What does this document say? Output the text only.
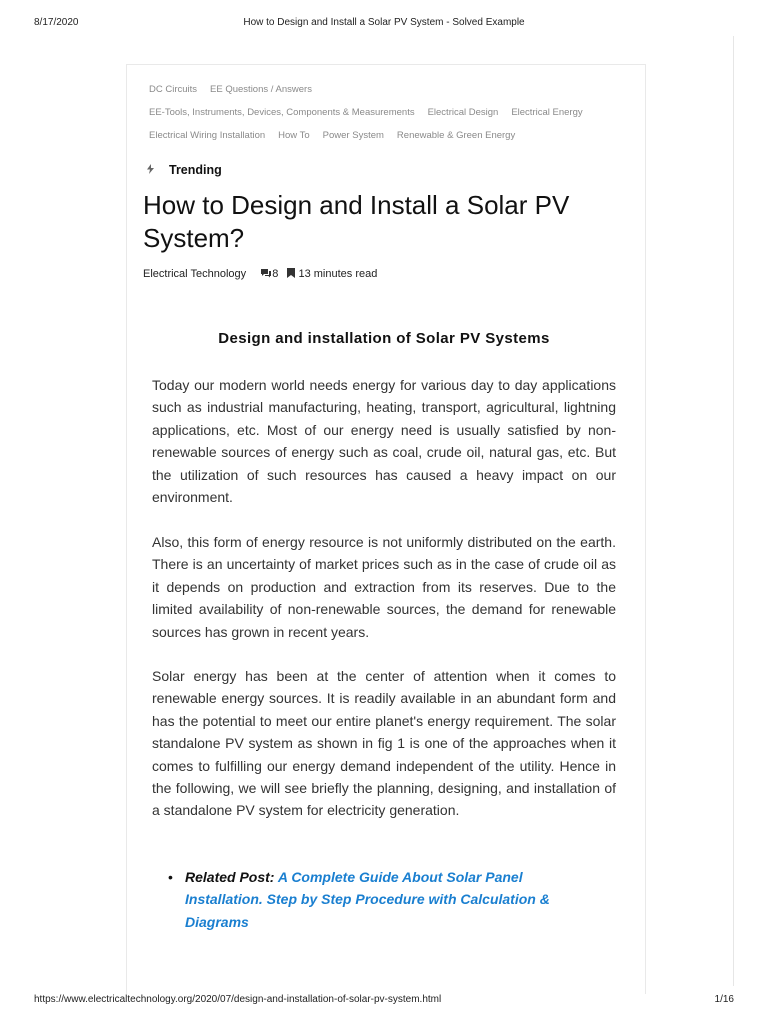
8/17/2020	How to Design and Install a Solar PV System - Solved Example
DC Circuits EE Questions / Answers
EE-Tools, Instruments, Devices, Components & Measurements Electrical Design Electrical Energy
Electrical Wiring Installation How To Power System Renewable & Green Energy
Trending
How to Design and Install a Solar PV System?
Electrical Technology 8 13 minutes read
Design and installation of Solar PV Systems

Today our modern world needs energy for various day to day applications such as industrial manufacturing, heating, transport, agricultural, lightning applications, etc. Most of our energy need is usually satisfied by non-renewable sources of energy such as coal, crude oil, natural gas, etc. But the utilization of such resources has caused a heavy impact on our environment.

Also, this form of energy resource is not uniformly distributed on the earth. There is an uncertainty of market prices such as in the case of crude oil as it depends on production and extraction from its reserves. Due to the limited availability of non-renewable sources, the demand for renewable sources has grown in recent years.

Solar energy has been at the center of attention when it comes to renewable energy sources. It is readily available in an abundant form and has the potential to meet our entire planet's energy requirement. The solar standalone PV system as shown in fig 1 is one of the approaches when it comes to fulfilling our energy demand independent of the utility. Hence in the following, we will see briefly the planning, designing, and installation of a standalone PV system for electricity generation.

• Related Post: A Complete Guide About Solar Panel Installation. Step by Step Procedure with Calculation & Diagrams
https://www.electricaltechnology.org/2020/07/design-and-installation-of-solar-pv-system.html	1/16
